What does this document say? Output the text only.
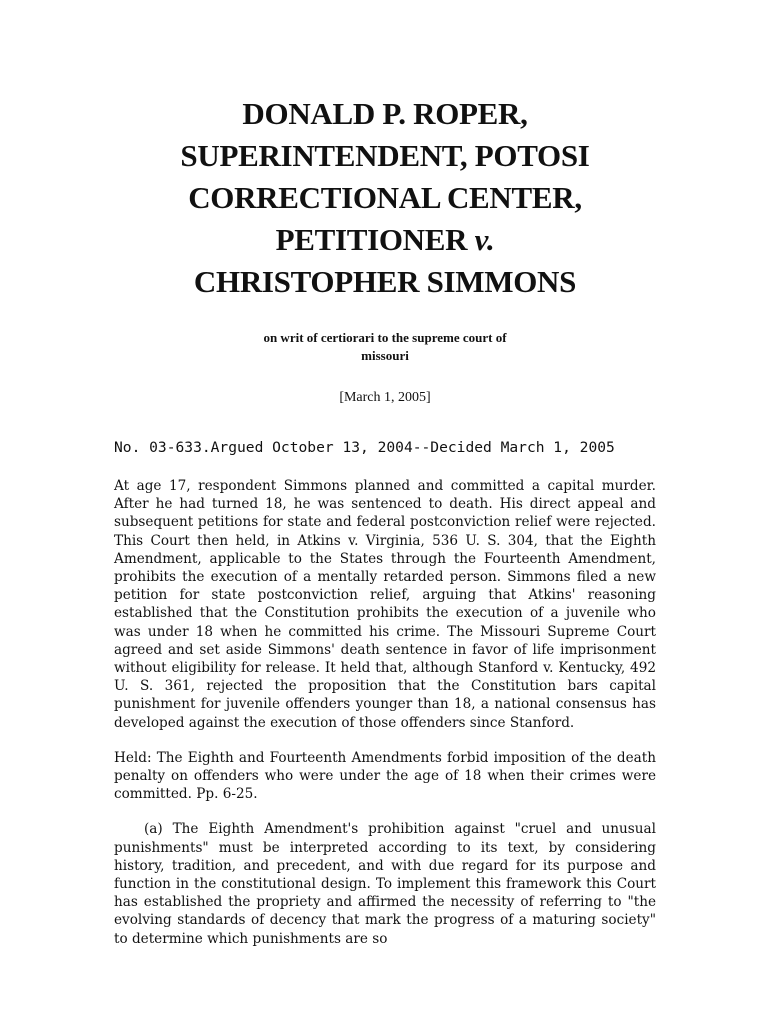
DONALD P. ROPER,
SUPERINTENDENT, POTOSI
CORRECTIONAL CENTER,
PETITIONER v.
CHRISTOPHER SIMMONS
on writ of certiorari to the supreme court of
missouri
[March 1, 2005]
No. 03-633.Argued October 13, 2004--Decided March 1, 2005

At age 17, respondent Simmons planned and committed a capital murder. After he had turned 18, he was sentenced to death. His direct appeal and subsequent petitions for state and federal postconviction relief were rejected. This Court then held, in Atkins v. Virginia, 536 U. S. 304, that the Eighth Amendment, applicable to the States through the Fourteenth Amendment, prohibits the execution of a mentally retarded person. Simmons filed a new petition for state postconviction relief, arguing that Atkins' reasoning established that the Constitution prohibits the execution of a juvenile who was under 18 when he committed his crime. The Missouri Supreme Court agreed and set aside Simmons' death sentence in favor of life imprisonment without eligibility for release. It held that, although Stanford v. Kentucky, 492 U. S. 361, rejected the proposition that the Constitution bars capital punishment for juvenile offenders younger than 18, a national consensus has developed against the execution of those offenders since Stanford.

Held: The Eighth and Fourteenth Amendments forbid imposition of the death penalty on offenders who were under the age of 18 when their crimes were committed. Pp. 6-25.

(a) The Eighth Amendment's prohibition against "cruel and unusual punishments" must be interpreted according to its text, by considering history, tradition, and precedent, and with due regard for its purpose and function in the constitutional design. To implement this framework this Court has established the propriety and affirmed the necessity of referring to "the evolving standards of decency that mark the progress of a maturing society" to determine which punishments are so
